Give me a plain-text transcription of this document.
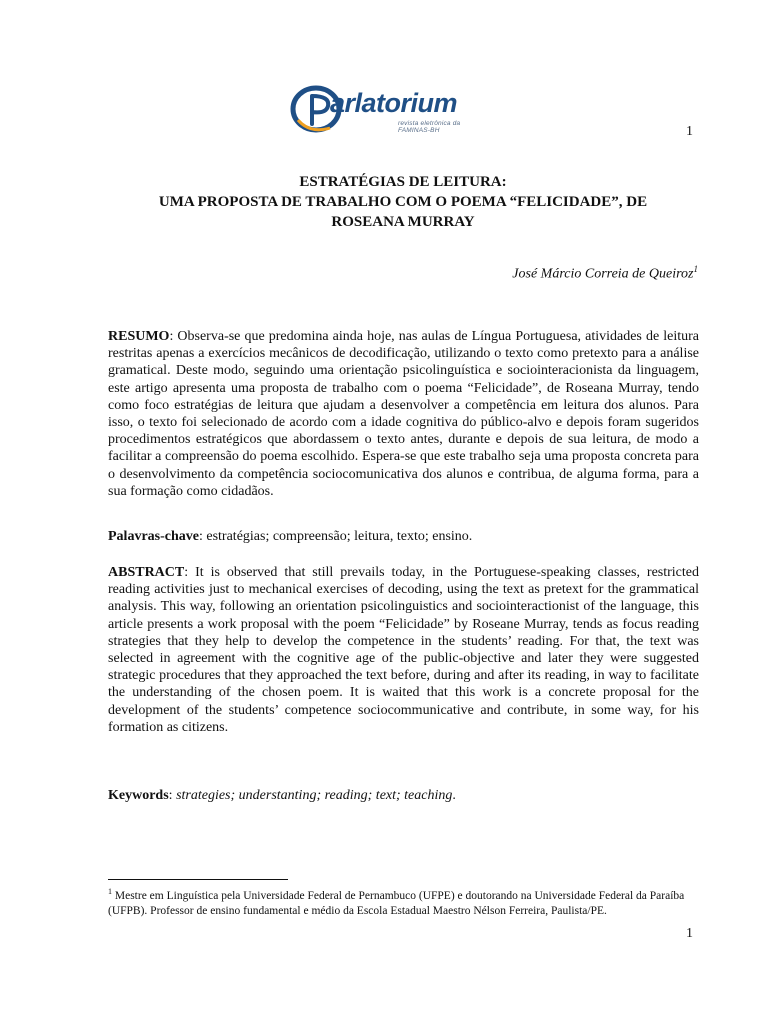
arlatorium
revista eletrônica da FAMINAS-BH	1
ESTRATÉGIAS DE LEITURA:
UMA PROPOSTA DE TRABALHO COM O POEMA “FELICIDADE”, DE
ROSEANA MURRAY
José Márcio Correia de Queiroz$^1$
RESUMO: Observa-se que predomina ainda hoje, nas aulas de Língua Portuguesa, atividades de leitura restritas apenas a exercícios mecânicos de decodificação, utilizando o texto como pretexto para a análise gramatical. Deste modo, seguindo uma orientação psicolinguística e sociointeracionista da linguagem, este artigo apresenta uma proposta de trabalho com o poema “Felicidade”, de Roseana Murray, tendo como foco estratégias de leitura que ajudam a desenvolver a competência em leitura dos alunos. Para isso, o texto foi selecionado de acordo com a idade cognitiva do público-alvo e depois foram sugeridos procedimentos estratégicos que abordassem o texto antes, durante e depois de sua leitura, de modo a facilitar a compreensão do poema escolhido. Espera-se que este trabalho seja uma proposta concreta para o desenvolvimento da competência sociocomunicativa dos alunos e contribua, de alguma forma, para a sua formação como cidadãos.
Palavras-chave: estratégias; compreensão; leitura, texto; ensino.
ABSTRACT: It is observed that still prevails today, in the Portuguese-speaking classes, restricted reading activities just to mechanical exercises of decoding, using the text as pretext for the grammatical analysis. This way, following an orientation psicolinguistics and sociointeractionist of the language, this article presents a work proposal with the poem “Felicidade” by Roseane Murray, tends as focus reading strategies that they help to develop the competence in the students’ reading. For that, the text was selected in agreement with the cognitive age of the public-objective and later they were suggested strategic procedures that they approached the text before, during and after its reading, in way to facilitate the understanding of the chosen poem. It is waited that this work is a concrete proposal for the development of the students’ competence sociocommunicative and contribute, in some way, for his formation as citizens.
Keywords: strategies; understanting; reading; text; teaching.
$^1$ Mestre em Linguística pela Universidade Federal de Pernambuco (UFPE) e doutorando na Universidade Federal da Paraíba (UFPB). Professor de ensino fundamental e médio da Escola Estadual Maestro Nélson Ferreira, Paulista/PE.
1
